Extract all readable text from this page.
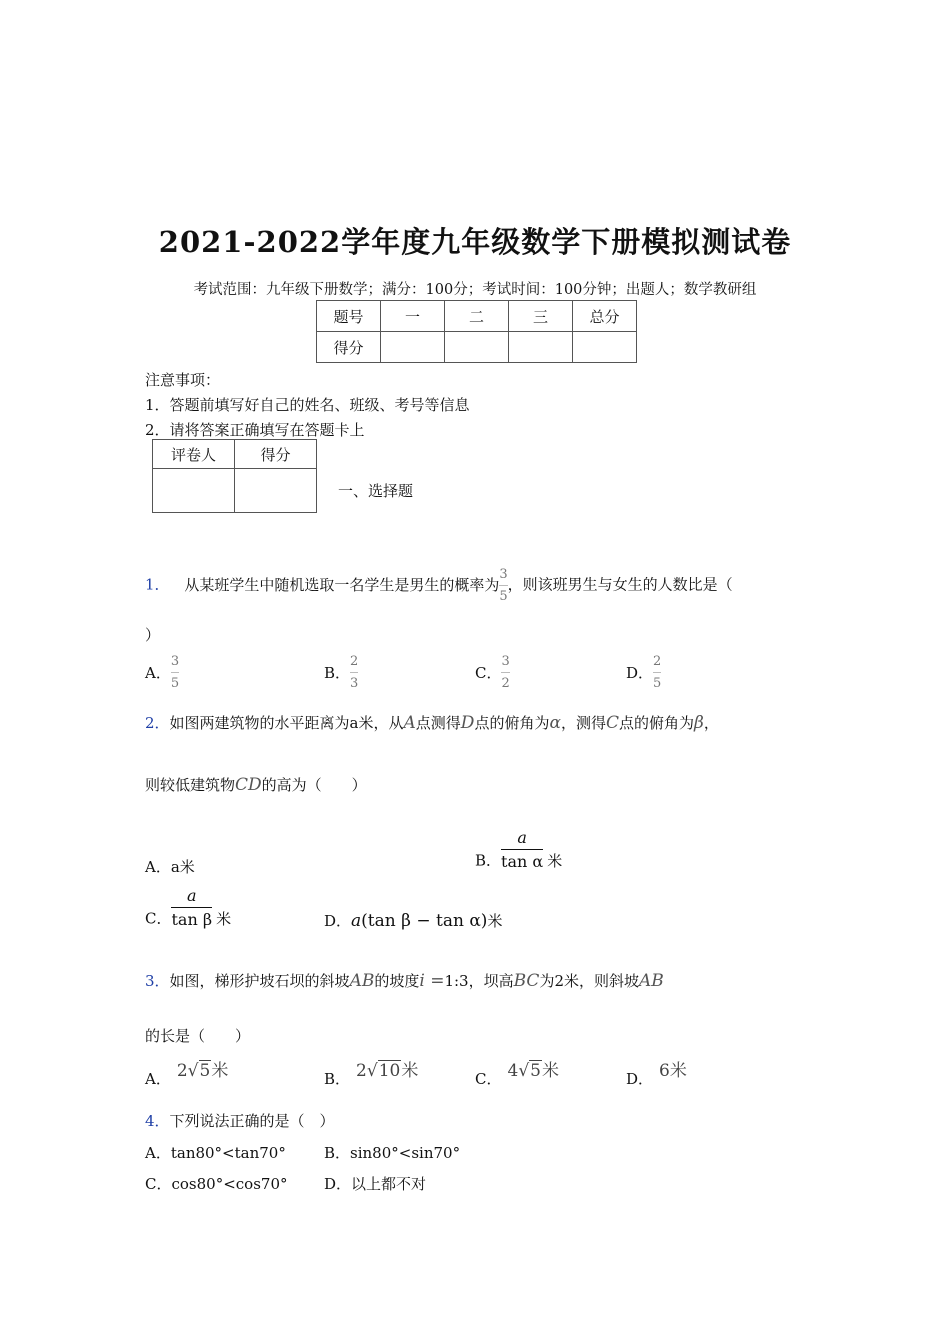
2021-2022学年度九年级数学下册模拟测试卷
考试范围：九年级下册数学；满分：100分；考试时间：100分钟；出题人；数学教研组
题号	一	二	三	总分
得分				
注意事项：
1．答题前填写好自己的姓名、班级、考号等信息
2．请将答案正确填写在答题卡上
评卷人	得分

一、选择题
1． 从某班学生中随机选取一名学生是男生的概率为 $\frac{3}{5}$ ，则该班男生与女生的人数比是（
）
A． $\frac{3}{5}$	B． $\frac{2}{3}$	C． $\frac{3}{2}$	D． $\frac{2}{5}$
2．如图两建筑物的水平距离为a米，从A点测得D点的俯角为α，测得C点的俯角为β，
则较低建筑物CD的高为（　　）
A．a米	B． $\frac{a}{\text{tan α}}$ 米
C． $\frac{a}{\text{tan β}}$ 米	D．a(tan β − tan α)米
3．如图，梯形护坡石坝的斜坡AB的坡度i =1:3，坝高BC为2米，则斜坡AB
的长是（　　）
A． 2√5米	B． 2√10米	C． 4√5米	D． 6米
4．下列说法正确的是（　）
A．tan80°<tan70°	B．sin80°<sin70°
C．cos80°<cos70° D．以上都不对
